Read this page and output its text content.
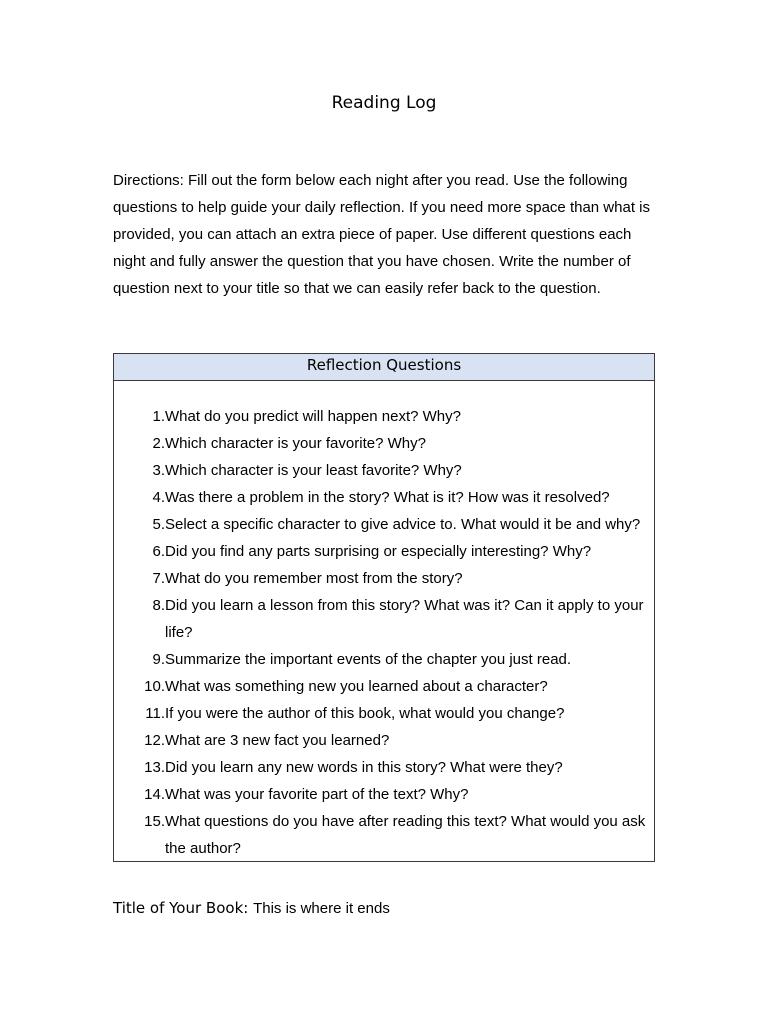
Reading Log

Directions: Fill out the form below each night after you read. Use the following questions to help guide your daily reflection. If you need more space than what is provided, you can attach an extra piece of paper. Use different questions each night and fully answer the question that you have chosen. Write the number of question next to your title so that we can easily refer back to the question.

Reflection Questions
1. What do you predict will happen next? Why?
2. Which character is your favorite? Why?
3. Which character is your least favorite? Why?
4. Was there a problem in the story? What is it? How was it resolved?
5. Select a specific character to give advice to. What would it be and why?
6. Did you find any parts surprising or especially interesting? Why?
7. What do you remember most from the story?
8. Did you learn a lesson from this story? What was it? Can it apply to your life?
9. Summarize the important events of the chapter you just read.
10. What was something new you learned about a character?
11. If you were the author of this book, what would you change?
12. What are 3 new fact you learned?
13. Did you learn any new words in this story? What were they?
14. What was your favorite part of the text? Why?
15. What questions do you have after reading this text? What would you ask the author?
Title of Your Book: This is where it ends
